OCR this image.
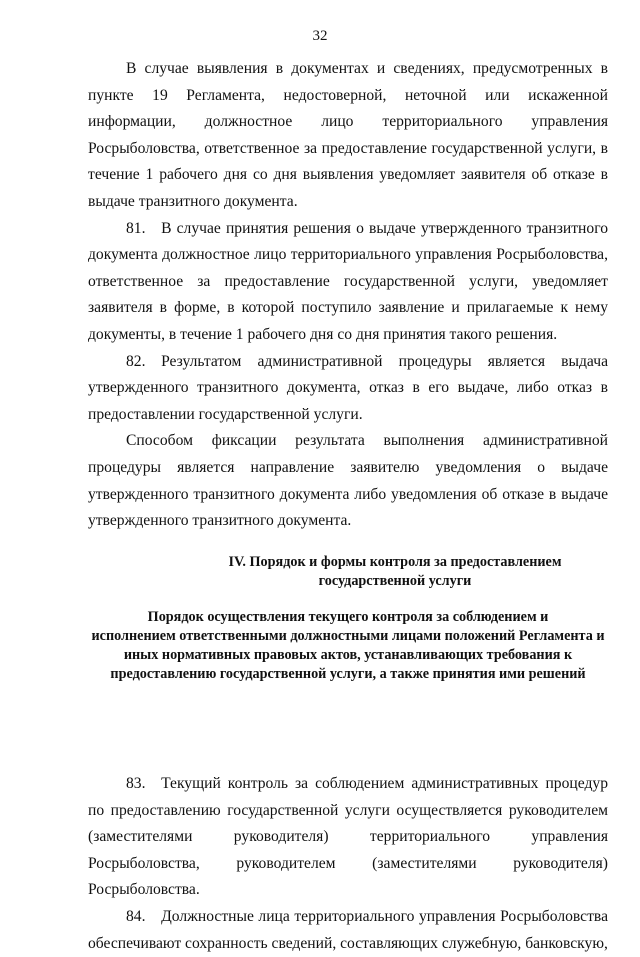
32

В случае выявления в документах и сведениях, предусмотренных в пункте 19 Регламента, недостоверной, неточной или искаженной информации, должностное лицо территориального управления Росрыболовства, ответственное за предоставление государственной услуги, в течение 1 рабочего дня со дня выявления уведомляет заявителя об отказе в выдаче транзитного документа.

81. В случае принятия решения о выдаче утвержденного транзитного документа должностное лицо территориального управления Росрыболовства, ответственное за предоставление государственной услуги, уведомляет заявителя в форме, в которой поступило заявление и прилагаемые к нему документы, в течение 1 рабочего дня со дня принятия такого решения.

82. Результатом административной процедуры является выдача утвержденного транзитного документа, отказ в его выдаче, либо отказ в предоставлении государственной услуги.

Способом фиксации результата выполнения административной процедуры является направление заявителю уведомления о выдаче утвержденного транзитного документа либо уведомления об отказе в выдаче утвержденного транзитного документа.

IV. Порядок и формы контроля за предоставлением
государственной услуги
Порядок осуществления текущего контроля за соблюдением и
исполнением ответственными должностными лицами положений Регламента и
иных нормативных правовых актов, устанавливающих требования к
предоставлению государственной услуги, а также принятия ими решений

83. Текущий контроль за соблюдением административных процедур по предоставлению государственной услуги осуществляется руководителем (заместителями руководителя) территориального управления Росрыболовства, руководителем (заместителями руководителя) Росрыболовства.

84. Должностные лица территориального управления Росрыболовства обеспечивают сохранность сведений, составляющих служебную, банковскую,
